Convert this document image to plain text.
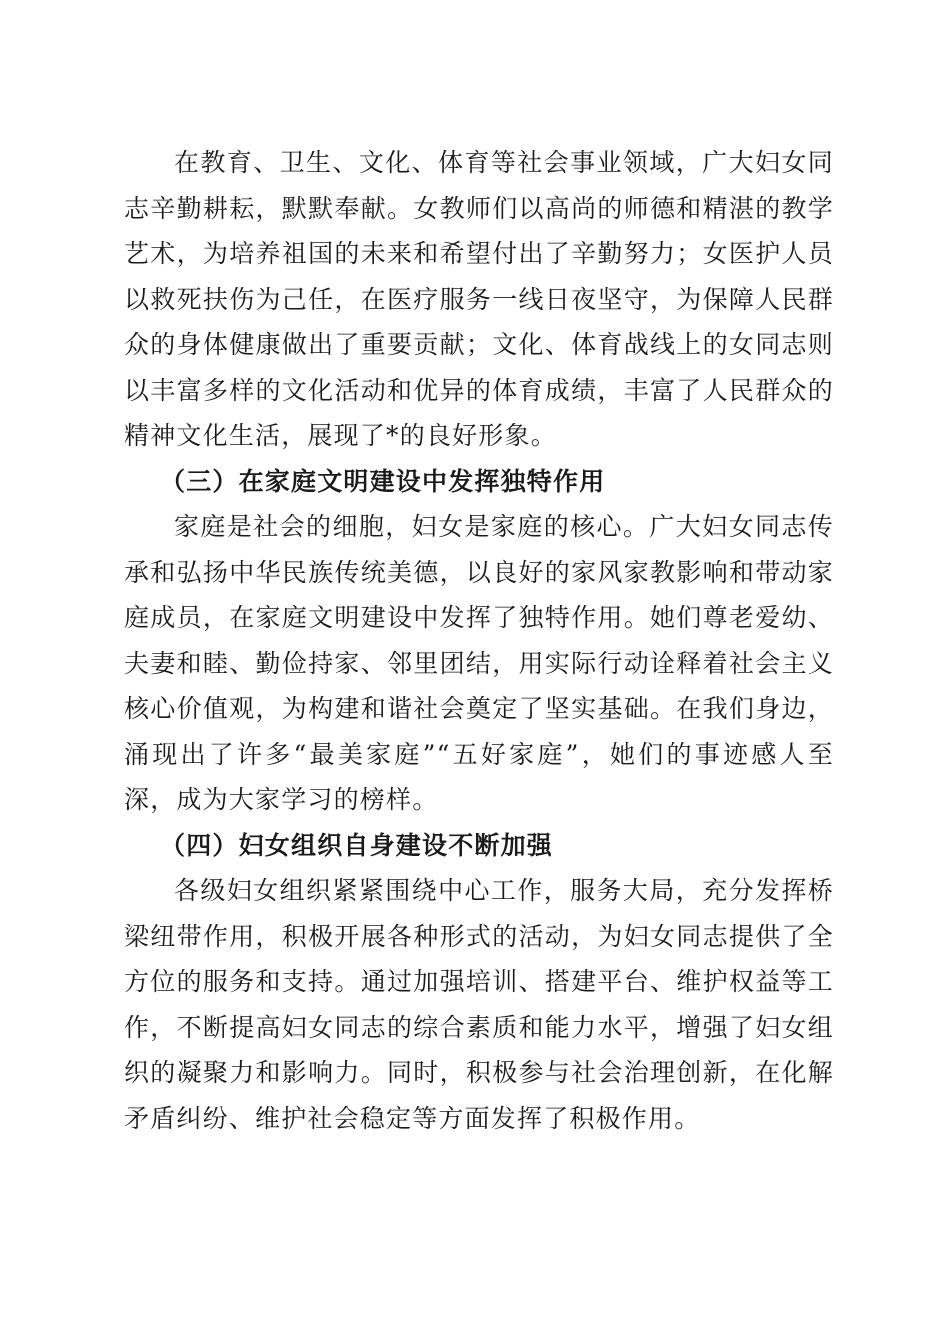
在教育、卫生、文化、体育等社会事业领域，广大妇女同志辛勤耕耘，默默奉献。女教师们以高尚的师德和精湛的教学艺术，为培养祖国的未来和希望付出了辛勤努力；女医护人员以救死扶伤为己任，在医疗服务一线日夜坚守，为保障人民群众的身体健康做出了重要贡献；文化、体育战线上的女同志则以丰富多样的文化活动和优异的体育成绩，丰富了人民群众的精神文化生活，展现了*的良好形象。

（三）在家庭文明建设中发挥独特作用

家庭是社会的细胞，妇女是家庭的核心。广大妇女同志传承和弘扬中华民族传统美德，以良好的家风家教影响和带动家庭成员，在家庭文明建设中发挥了独特作用。她们尊老爱幼、夫妻和睦、勤俭持家、邻里团结，用实际行动诠释着社会主义核心价值观，为构建和谐社会奠定了坚实基础。在我们身边，涌现出了许多“最美家庭”“五好家庭”，她们的事迹感人至深，成为大家学习的榜样。

（四）妇女组织自身建设不断加强

各级妇女组织紧紧围绕中心工作，服务大局，充分发挥桥梁纽带作用，积极开展各种形式的活动，为妇女同志提供了全方位的服务和支持。通过加强培训、搭建平台、维护权益等工作，不断提高妇女同志的综合素质和能力水平，增强了妇女组织的凝聚力和影响力。同时，积极参与社会治理创新，在化解矛盾纠纷、维护社会稳定等方面发挥了积极作用。
